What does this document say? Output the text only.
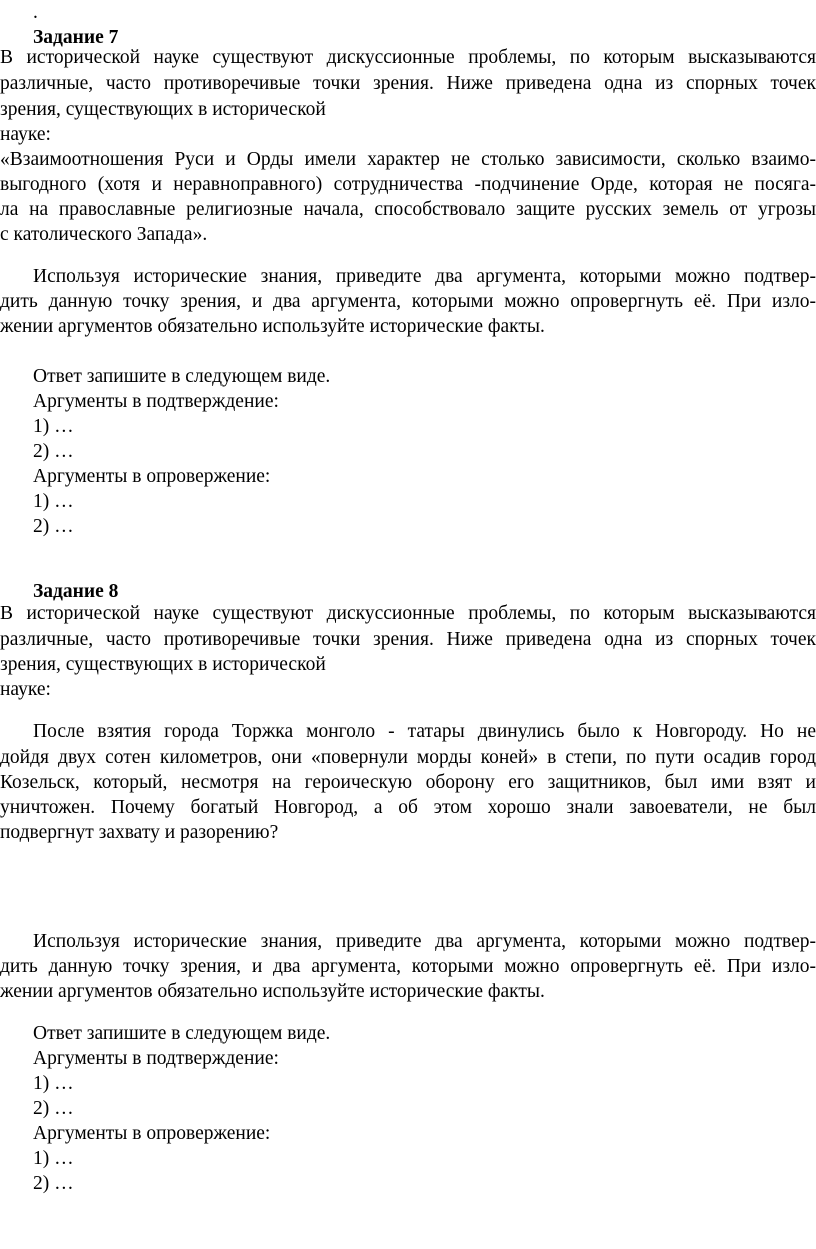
.
Задание 7
В исторической науке существуют дискуссионные проблемы, по которым высказываются
различные, часто противоречивые точки зрения. Ниже приведена одна из спорных точек
зрения, существующих в исторической
науке:
«Взаимоотношения Руси и Орды имели характер не столько зависимости, сколько взаимо-
выгодного (хотя и неравноправного) сотрудничества -подчинение Орде, которая не посяга-
ла на православные религиозные начала, способствовало защите русских земель от угрозы
с католического Запада».
Используя исторические знания, приведите два аргумента, которыми можно подтвер-
дить данную точку зрения, и два аргумента, которыми можно опровергнуть её. При изло-
жении аргументов обязательно используйте исторические факты.
Ответ запишите в следующем виде.
Аргументы в подтверждение:
1) …
2) …
Аргументы в опровержение:
1) …
2) …
Задание 8
В исторической науке существуют дискуссионные проблемы, по которым высказываются
различные, часто противоречивые точки зрения. Ниже приведена одна из спорных точек
зрения, существующих в исторической
науке:
После взятия города Торжка монголо - татары двинулись было к Новгороду. Но не
дойдя двух сотен километров, они «повернули морды коней» в степи, по пути осадив город
Козельск, который, несмотря на героическую оборону его защитников, был ими взят и
уничтожен. Почему богатый Новгород, а об этом хорошо знали завоеватели, не был
подвергнут захвату и разорению?
Используя исторические знания, приведите два аргумента, которыми можно подтвер-
дить данную точку зрения, и два аргумента, которыми можно опровергнуть её. При изло-
жении аргументов обязательно используйте исторические факты.
Ответ запишите в следующем виде.
Аргументы в подтверждение:
1) …
2) …
Аргументы в опровержение:
1) …
2) …
